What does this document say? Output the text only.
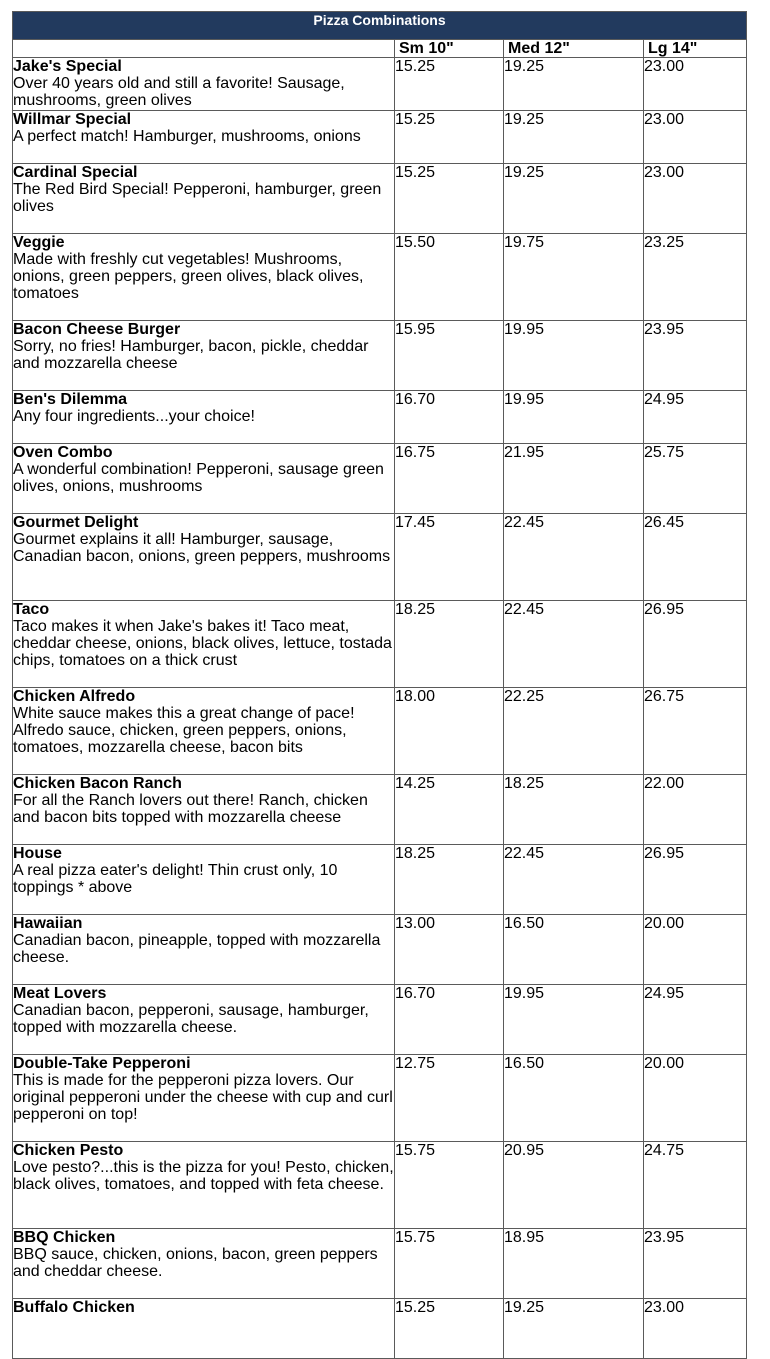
Pizza Combinations			
	Sm 10"	Med 12"	Lg 14"

Jake's Special
Over 40 years old and still a favorite! Sausage, mushrooms, green olives	15.25	19.25	23.00

Willmar Special
A perfect match! Hamburger, mushrooms, onions	15.25	19.25	23.00

Cardinal Special
The Red Bird Special! Pepperoni, hamburger, green olives	15.25	19.25	23.00

Veggie
Made with freshly cut vegetables! Mushrooms, onions, green peppers, green olives, black olives, tomatoes	15.50	19.75	23.25

Bacon Cheese Burger
Sorry, no fries! Hamburger, bacon, pickle, cheddar and mozzarella cheese	15.95	19.95	23.95

Ben's Dilemma
Any four ingredients...your choice!	16.70	19.95	24.95

Oven Combo
A wonderful combination! Pepperoni, sausage green olives, onions, mushrooms	16.75	21.95	25.75

Gourmet Delight
Gourmet explains it all! Hamburger, sausage, Canadian bacon, onions, green peppers, mushrooms	17.45	22.45	26.45

Taco
Taco makes it when Jake's bakes it! Taco meat, cheddar cheese, onions, black olives, lettuce, tostada chips, tomatoes on a thick crust	18.25	22.45	26.95

Chicken Alfredo
White sauce makes this a great change of pace! Alfredo sauce, chicken, green peppers, onions, tomatoes, mozzarella cheese, bacon bits	18.00	22.25	26.75

Chicken Bacon Ranch
For all the Ranch lovers out there! Ranch, chicken and bacon bits topped with mozzarella cheese	14.25	18.25	22.00

House
A real pizza eater's delight! Thin crust only, 10 toppings * above	18.25	22.45	26.95

Hawaiian
Canadian bacon, pineapple, topped with mozzarella cheese.	13.00	16.50	20.00

Meat Lovers
Canadian bacon, pepperoni, sausage, hamburger, topped with mozzarella cheese.	16.70	19.95	24.95

Double-Take Pepperoni
This is made for the pepperoni pizza lovers. Our original pepperoni under the cheese with cup and curl pepperoni on top!	12.75	16.50	20.00

Chicken Pesto
Love pesto?...this is the pizza for you! Pesto, chicken, black olives, tomatoes, and topped with feta cheese.	15.75	20.95	24.75

BBQ Chicken
BBQ sauce, chicken, onions, bacon, green peppers and cheddar cheese.	15.75	18.95	23.95

Buffalo Chicken	15.25	19.25	23.00
